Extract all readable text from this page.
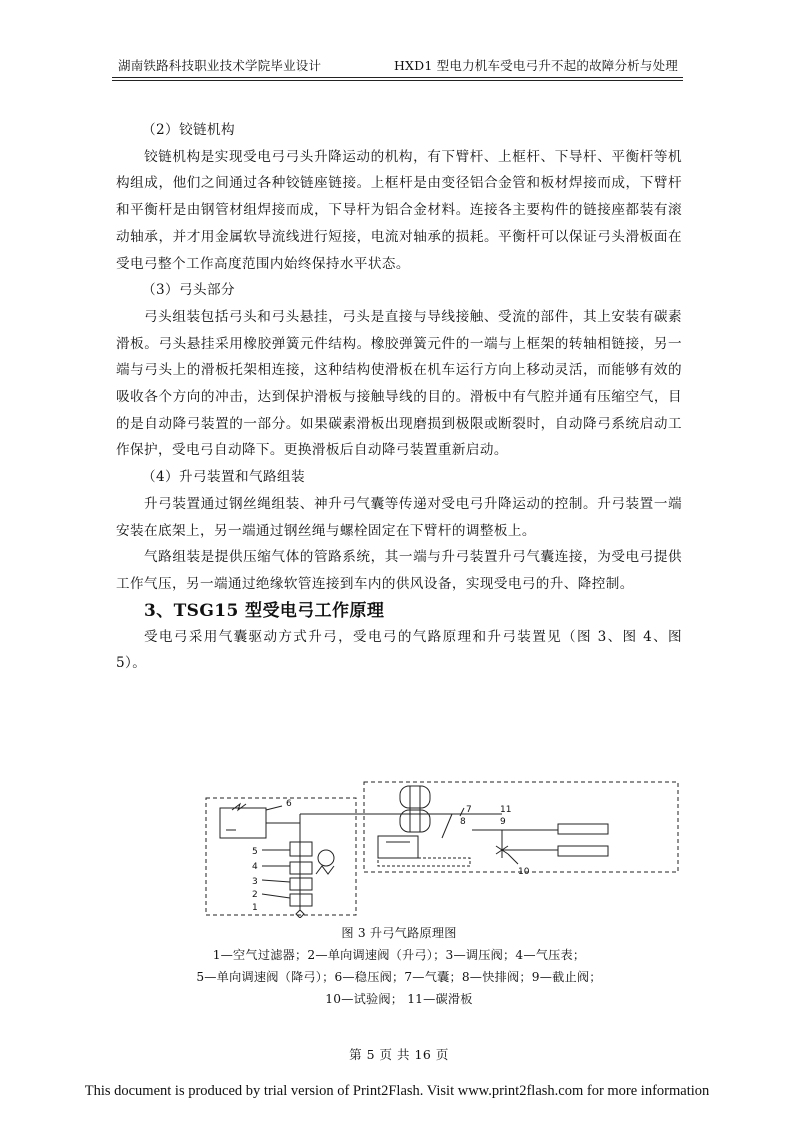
湖南铁路科技职业技术学院毕业设计	HXD1 型电力机车受电弓升不起的故障分析与处理

（2）铰链机构

铰链机构是实现受电弓弓头升降运动的机构，有下臂杆、上框杆、下导杆、平衡杆等机构组成，他们之间通过各种铰链座链接。上框杆是由变径铝合金管和板材焊接而成，下臂杆和平衡杆是由钢管材组焊接而成，下导杆为铝合金材料。连接各主要构件的链接座都装有滚动轴承，并才用金属软导流线进行短接，电流对轴承的损耗。平衡杆可以保证弓头滑板面在受电弓整个工作高度范围内始终保持水平状态。

（3）弓头部分

弓头组装包括弓头和弓头悬挂，弓头是直接与导线接触、受流的部件，其上安装有碳素滑板。弓头悬挂采用橡胶弹簧元件结构。橡胶弹簧元件的一端与上框架的转轴相链接，另一端与弓头上的滑板托架相连接，这种结构使滑板在机车运行方向上移动灵活，而能够有效的吸收各个方向的冲击，达到保护滑板与接触导线的目的。滑板中有气腔并通有压缩空气，目的是自动降弓装置的一部分。如果碳素滑板出现磨损到极限或断裂时，自动降弓系统启动工作保护，受电弓自动降下。更换滑板后自动降弓装置重新启动。

（4）升弓装置和气路组装

升弓装置通过钢丝绳组装、神升弓气囊等传递对受电弓升降运动的控制。升弓装置一端安装在底架上，另一端通过钢丝绳与螺栓固定在下臂杆的调整板上。

气路组装是提供压缩气体的管路系统，其一端与升弓装置升弓气囊连接，为受电弓提供工作气压，另一端通过绝缘软管连接到车内的供风设备，实现受电弓的升、降控制。

3、TSG15 型受电弓工作原理

受电弓采用气囊驱动方式升弓，受电弓的气路原理和升弓装置见（图 3、图 4、图 5）。

6
5
4
3
2
1
7
8
11
9
10

图 3 升弓气路原理图

1—空气过滤器；2—单向调速阀（升弓）；3—调压阀；4—气压表；

5—单向调速阀（降弓）；6—稳压阀；7—气囊；8—快排阀；9—截止阀；

10—试验阀； 11—碳滑板

第 5 页 共 16 页
This document is produced by trial version of Print2Flash. Visit www.print2flash.com for more information
